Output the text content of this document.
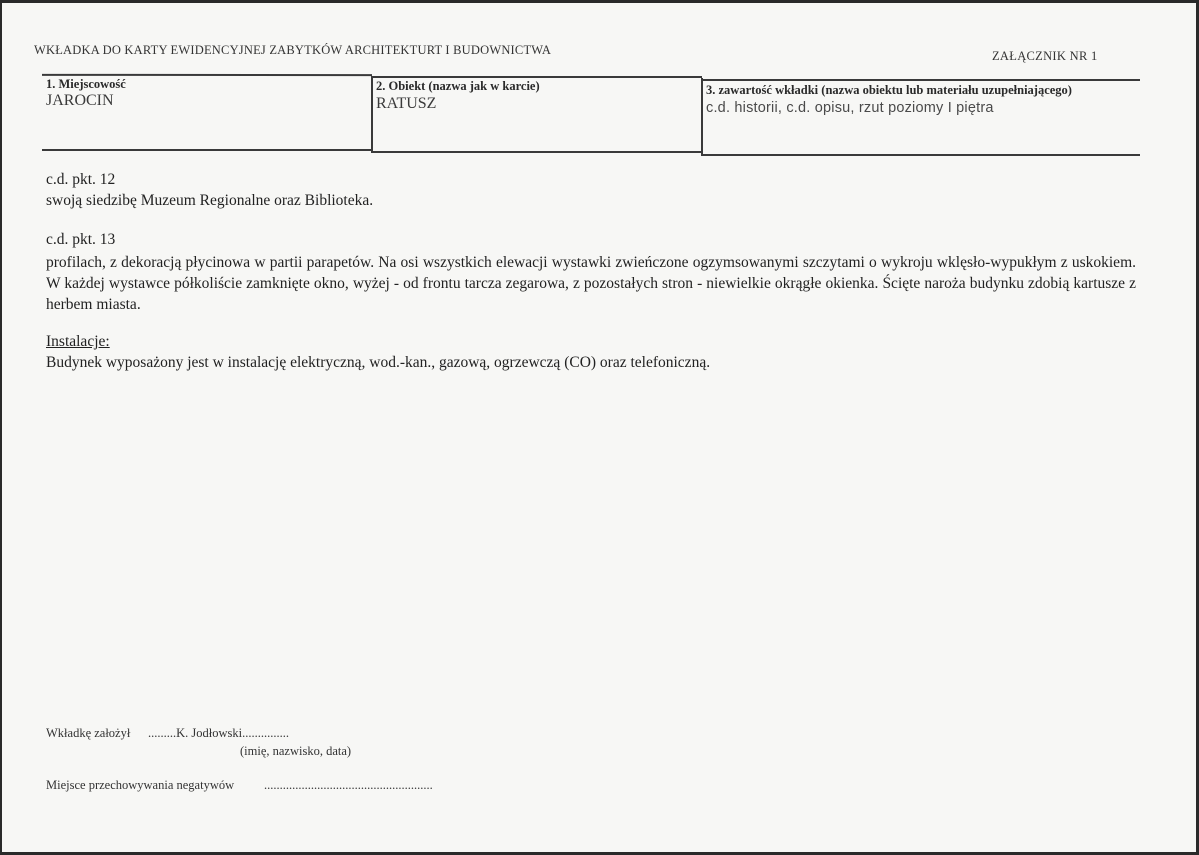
WKŁADKA DO KARTY EWIDENCYJNEJ ZABYTKÓW ARCHITEKTURT I BUDOWNICTWA	ZAŁĄCZNIK NR 1
1. Miejscowość
JAROCIN
2. Obiekt (nazwa jak w karcie)
RATUSZ
3. zawartość wkładki (nazwa obiektu lub materiału uzupełniającego)
c.d. historii, c.d. opisu, rzut poziomy I piętra
c.d. pkt. 12
swoją siedzibę Muzeum Regionalne oraz Biblioteka.
c.d. pkt. 13
profilach, z dekoracją płycinowa w partii parapetów. Na osi wszystkich elewacji wystawki zwieńczone ogzymsowanymi szczytami o wykroju wklęsło-wypukłym z uskokiem. W każdej wystawce półkoliście zamknięte okno, wyżej - od frontu tarcza zegarowa, z pozostałych stron - niewielkie okrągłe okienka. Ścięte naroża budynku zdobią kartusze z herbem miasta.
Instalacje:
Budynek wyposażony jest w instalację elektryczną, wod.-kan., gazową, ogrzewczą (CO) oraz telefoniczną.
Wkładkę założył .........K. Jodłowski...............
(imię, nazwisko, data)
Miejsce przechowywania negatywów ......................................................
